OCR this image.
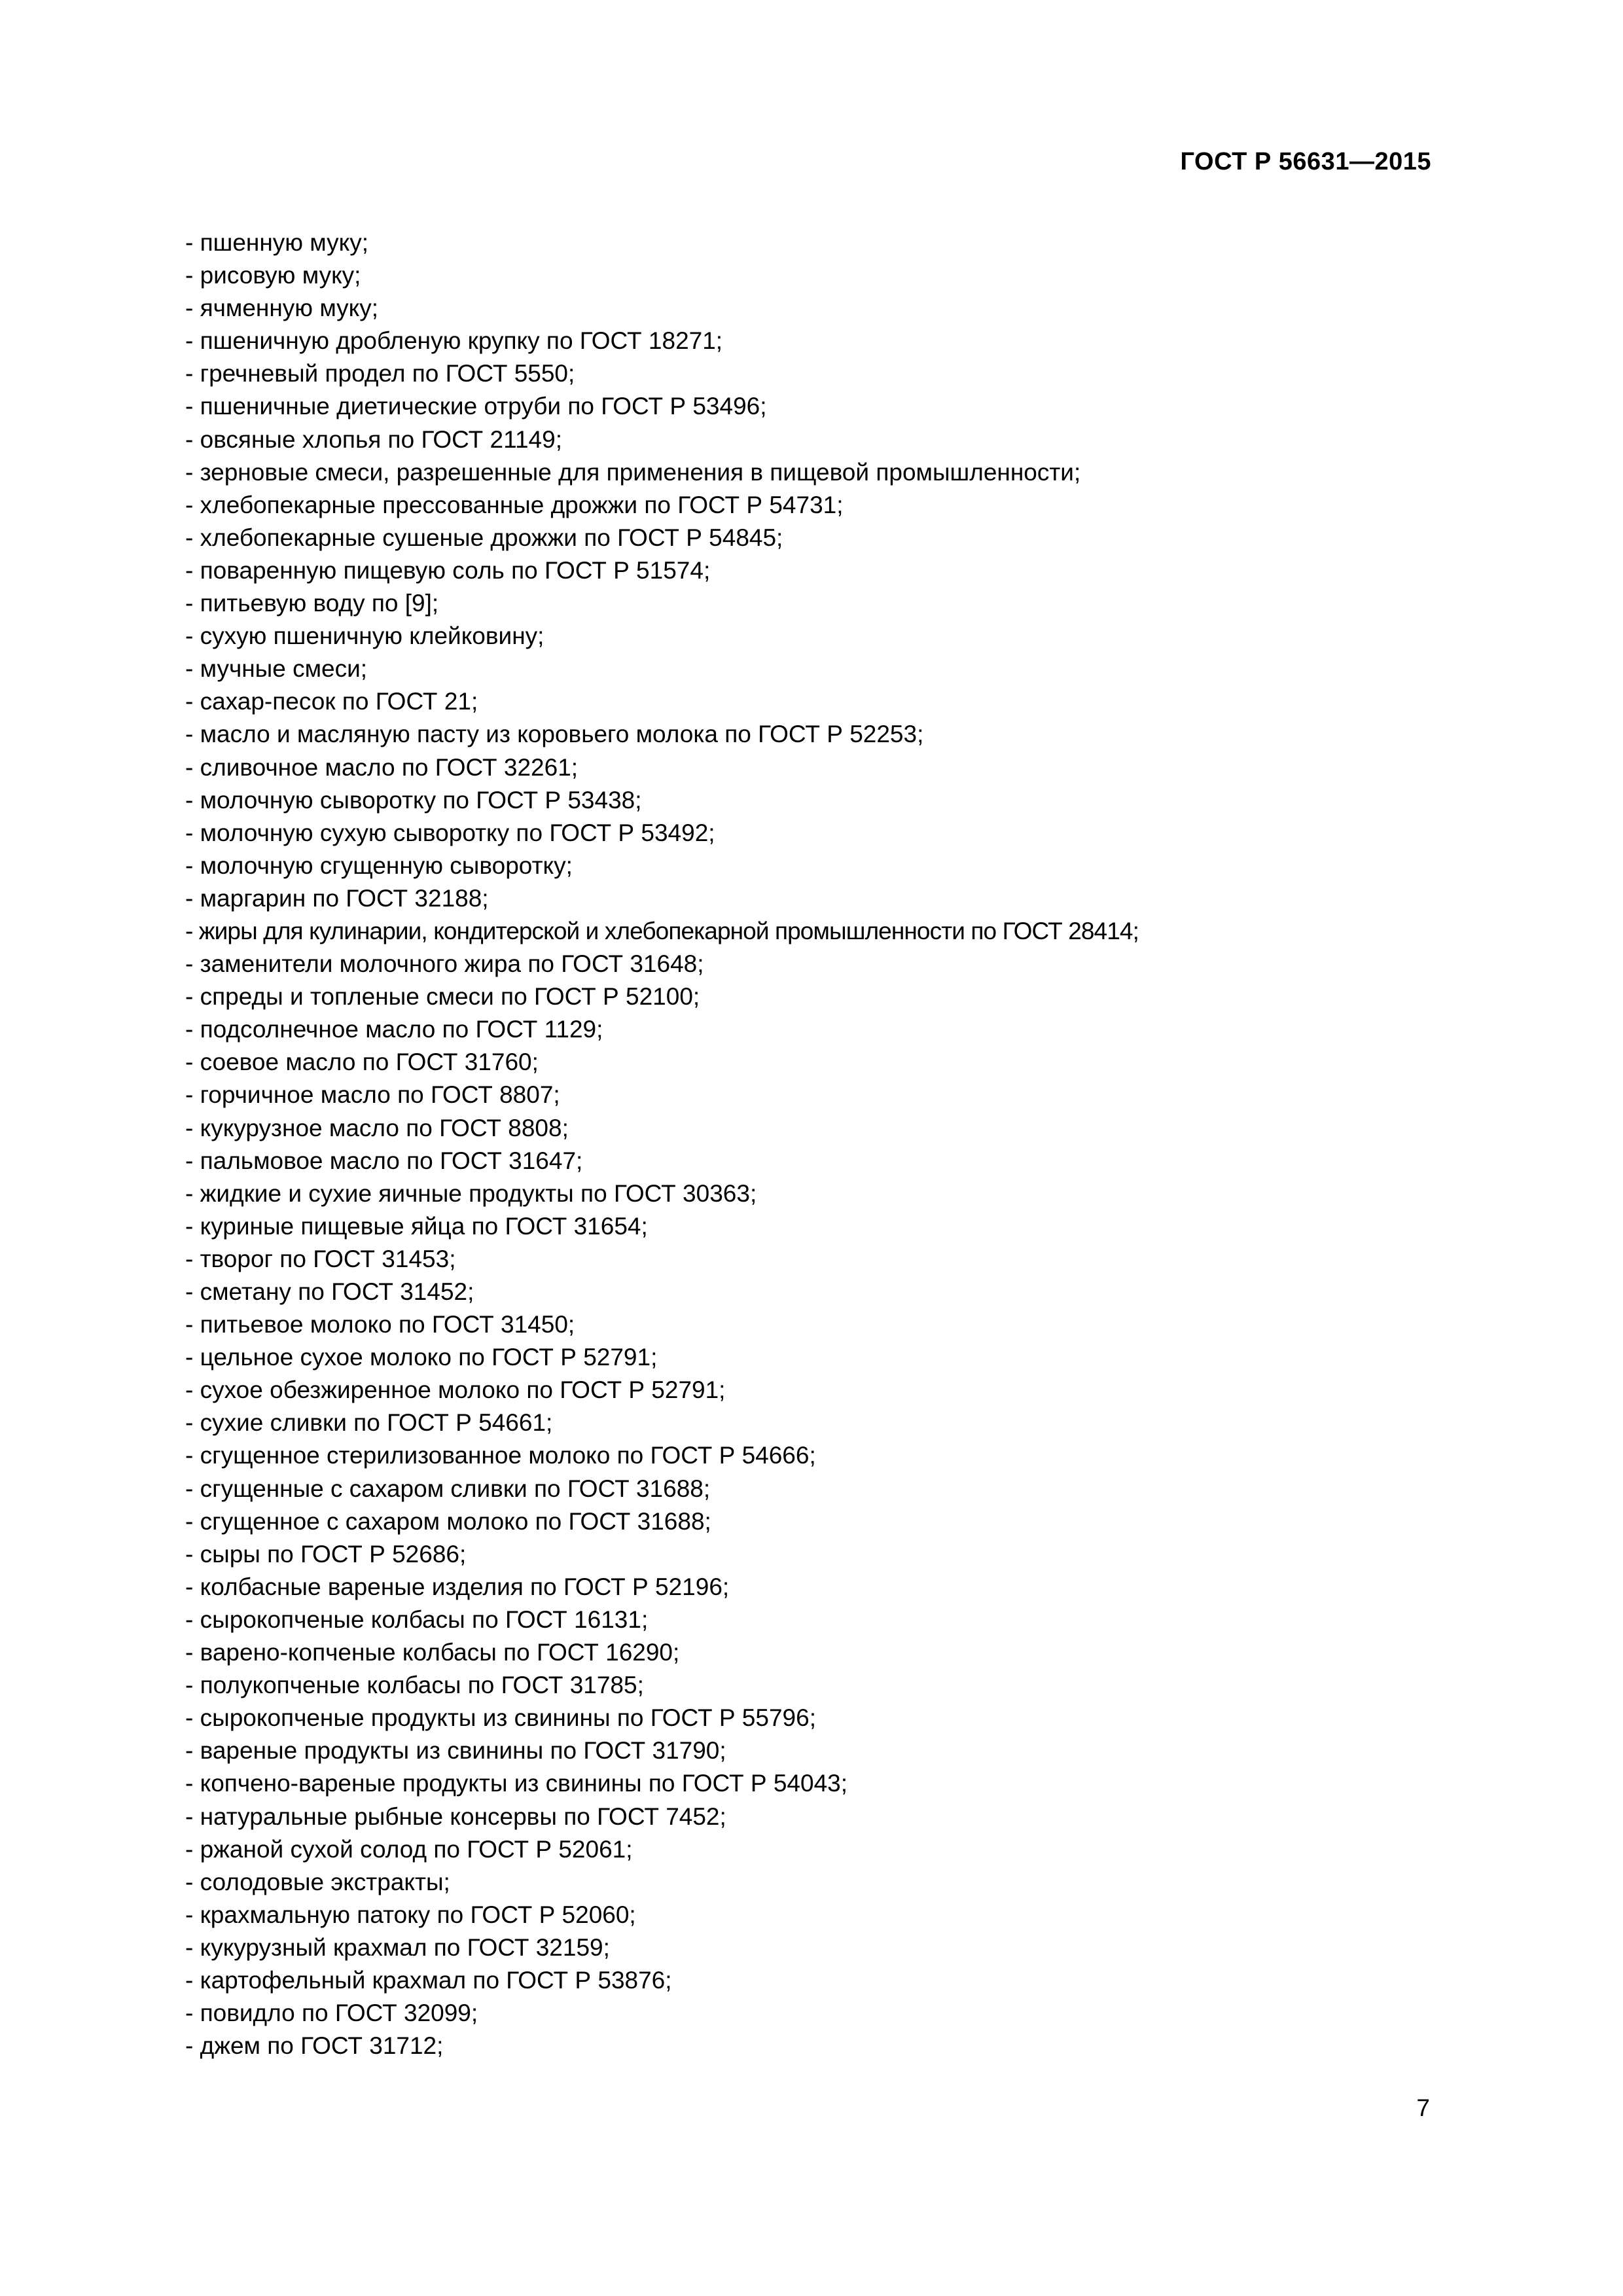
ГОСТ Р 56631—2015
- пшенную муку;
- рисовую муку;
- ячменную муку;
- пшеничную дробленую крупку по ГОСТ 18271;
- гречневый продел по ГОСТ 5550;
- пшеничные диетические отруби по ГОСТ Р 53496;
- овсяные хлопья по ГОСТ 21149;
- зерновые смеси, разрешенные для применения в пищевой промышленности;
- хлебопекарные прессованные дрожжи по ГОСТ Р 54731;
- хлебопекарные сушеные дрожжи по ГОСТ Р 54845;
- поваренную пищевую соль по ГОСТ Р 51574;
- питьевую воду по [9];
- сухую пшеничную клейковину;
- мучные смеси;
- сахар-песок по ГОСТ 21;
- масло и масляную пасту из коровьего молока по ГОСТ Р 52253;
- сливочное масло по ГОСТ 32261;
- молочную сыворотку по ГОСТ Р 53438;
- молочную сухую сыворотку по ГОСТ Р 53492;
- молочную сгущенную сыворотку;
- маргарин по ГОСТ 32188;
- жиры для кулинарии, кондитерской и хлебопекарной промышленности по ГОСТ 28414;
- заменители молочного жира по ГОСТ 31648;
- спреды и топленые смеси по ГОСТ Р 52100;
- подсолнечное масло по ГОСТ 1129;
- соевое масло по ГОСТ 31760;
- горчичное масло по ГОСТ 8807;
- кукурузное масло по ГОСТ 8808;
- пальмовое масло по ГОСТ 31647;
- жидкие и сухие яичные продукты по ГОСТ 30363;
- куриные пищевые яйца по ГОСТ 31654;
- творог по ГОСТ 31453;
- сметану по ГОСТ 31452;
- питьевое молоко по ГОСТ 31450;
- цельное сухое молоко по ГОСТ Р 52791;
- сухое обезжиренное молоко по ГОСТ Р 52791;
- сухие сливки по ГОСТ Р 54661;
- сгущенное стерилизованное молоко по ГОСТ Р 54666;
- сгущенные с сахаром сливки по ГОСТ 31688;
- сгущенное с сахаром молоко по ГОСТ 31688;
- сыры по ГОСТ Р 52686;
- колбасные вареные изделия по ГОСТ Р 52196;
- сырокопченые колбасы по ГОСТ 16131;
- варено-копченые колбасы по ГОСТ 16290;
- полукопченые колбасы по ГОСТ 31785;
- сырокопченые продукты из свинины по ГОСТ Р 55796;
- вареные продукты из свинины по ГОСТ 31790;
- копчено-вареные продукты из свинины по ГОСТ Р 54043;
- натуральные рыбные консервы по ГОСТ 7452;
- ржаной сухой солод по ГОСТ Р 52061;
- солодовые экстракты;
- крахмальную патоку по ГОСТ Р 52060;
- кукурузный крахмал по ГОСТ 32159;
- картофельный крахмал по ГОСТ Р 53876;
- повидло по ГОСТ 32099;
- джем по ГОСТ 31712;
7
